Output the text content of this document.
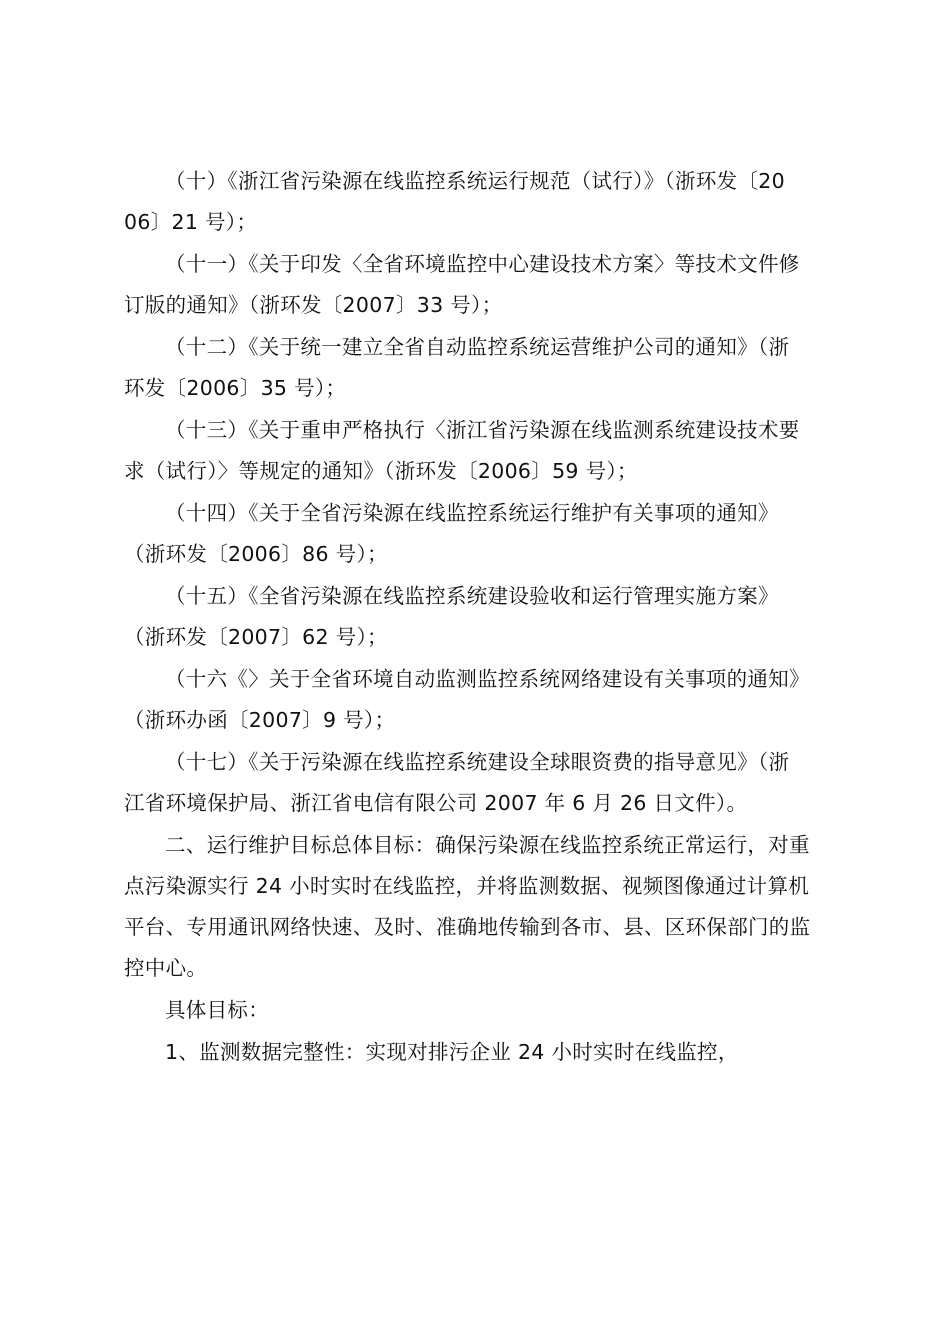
（十）《浙江省污染源在线监控系统运行规范（试行）》（浙环发〔20
06〕21 号）；
（十一）《关于印发〈全省环境监控中心建设技术方案〉等技术文件修
订版的通知》（浙环发〔2007〕33 号）；
（十二）《关于统一建立全省自动监控系统运营维护公司的通知》（浙
环发〔2006〕35 号）；
（十三）《关于重申严格执行〈浙江省污染源在线监测系统建设技术要
求（试行）〉等规定的通知》（浙环发〔2006〕59 号）；
（十四）《关于全省污染源在线监控系统运行维护有关事项的通知》
（浙环发〔2006〕86 号）；
（十五）《全省污染源在线监控系统建设验收和运行管理实施方案》
（浙环发〔2007〕62 号）；
（十六《〉关于全省环境自动监测监控系统网络建设有关事项的通知》
（浙环办函〔2007〕9 号）；
（十七）《关于污染源在线监控系统建设全球眼资费的指导意见》（浙
江省环境保护局、浙江省电信有限公司 2007 年 6 月 26 日文件）。
二、运行维护目标总体目标：确保污染源在线监控系统正常运行，对重
点污染源实行 24 小时实时在线监控，并将监测数据、视频图像通过计算机
平台、专用通讯网络快速、及时、准确地传输到各市、县、区环保部门的监
控中心。
具体目标：
1、监测数据完整性：实现对排污企业 24 小时实时在线监控，
